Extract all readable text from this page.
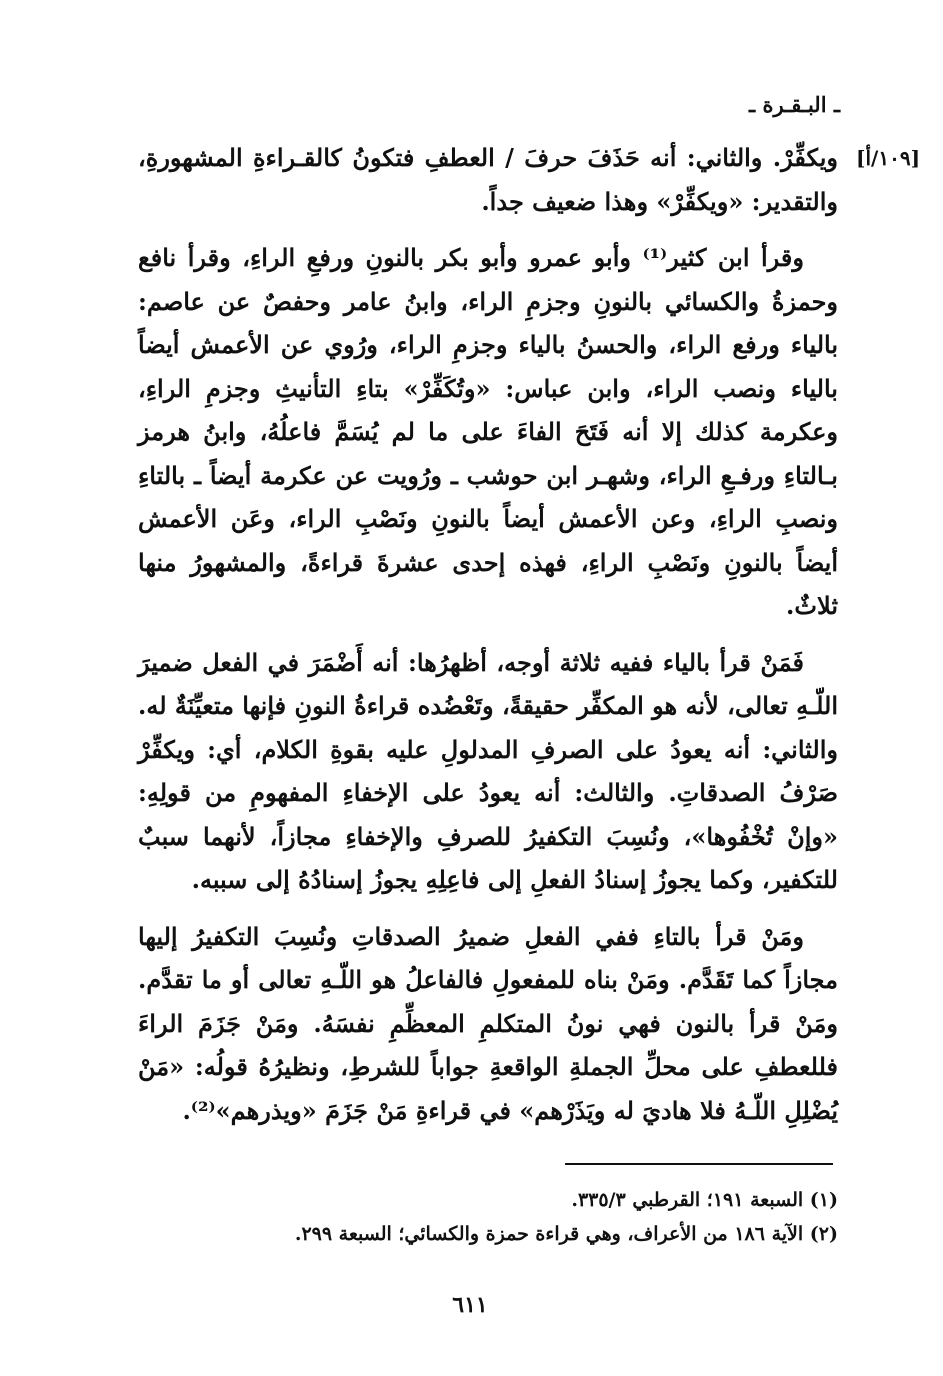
ـ البـقـرة ـ
[١٠٩/أ]

ويكفِّرْ. والثاني: أنه حَذَفَ حرفَ / العطفِ فتكونُ كالقـراءةِ المشهورةِ، والتقدير: «ويكفِّرْ» وهذا ضعيف جداً.

وقرأ ابن كثير⁽¹⁾ وأبو عمرو وأبو بكر بالنونِ ورفعِ الراءِ، وقرأ نافع وحمزةُ والكسائي بالنونِ وجزمِ الراء، وابنُ عامر وحفصٌ عن عاصم: بالياء ورفع الراء، والحسنُ بالياء وجزمِ الراء، ورُوي عن الأعمش أيضاً بالياء ونصب الراء، وابن عباس: «وتُكَفِّرْ» بتاءِ التأنيثِ وجزمِ الراءِ، وعكرمة كذلك إلا أنه فَتَحَ الفاءَ على ما لم يُسَمَّ فاعلُهُ، وابنُ هرمز بـالتاءِ ورفـعِ الراء، وشهـر ابن حوشب ـ ورُويت عن عكرمة أيضاً ـ بالتاءِ ونصبِ الراءِ، وعن الأعمش أيضاً بالنونِ ونَصْبِ الراء، وعَن الأعمش أيضاً بالنونِ ونَصْبِ الراءِ، فهذه إحدى عشرةَ قراءةً، والمشهورُ منها ثلاثٌ.

فَمَنْ قرأ بالياء ففيه ثلاثة أوجه، أظهرُها: أنه أَضْمَرَ في الفعل ضميرَ اللّـهِ تعالى، لأنه هو المكفِّر حقيقةً، وتَعْضُده قراءةُ النونِ فإنها متعيِّنَةٌ له. والثاني: أنه يعودُ على الصرفِ المدلولِ عليه بقوةِ الكلام، أي: ويكفِّرْ صَرْفُ الصدقاتِ. والثالث: أنه يعودُ على الإخفاءِ المفهومِ من قولِهِ: «وإنْ تُخْفُوها»، ونُسِبَ التكفيرُ للصرفِ والإخفاءِ مجازاً، لأنهما سببٌ للتكفير، وكما يجوزُ إسنادُ الفعلِ إلى فاعِلِهِ يجوزُ إسنادُهُ إلى سببه.

ومَنْ قرأ بالتاءِ ففي الفعلِ ضميرُ الصدقاتِ ونُسِبَ التكفيرُ إليها مجازاً كما تَقَدَّم. ومَنْ بناه للمفعولِ فالفاعلُ هو اللّـهِ تعالى أو ما تقدَّم. ومَنْ قرأ بالنون فهي نونُ المتكلمِ المعظِّمِ نفسَهُ. ومَنْ جَزَمَ الراءَ فللعطفِ على محلِّ الجملةِ الواقعةِ جواباً للشرطِ، ونظيرُهُ قولُه: «مَنْ يُضْلِلِ اللّـهُ فلا هاديَ له ويَذَرْهم» في قراءةِ مَنْ جَزَمَ «ويذرهم»⁽²⁾.

(١) السبعة ١٩١؛ القرطبي ٣٣٥/٣.

(٢) الآية ١٨٦ من الأعراف، وهي قراءة حمزة والكسائي؛ السبعة ٢٩٩.

٦١١
